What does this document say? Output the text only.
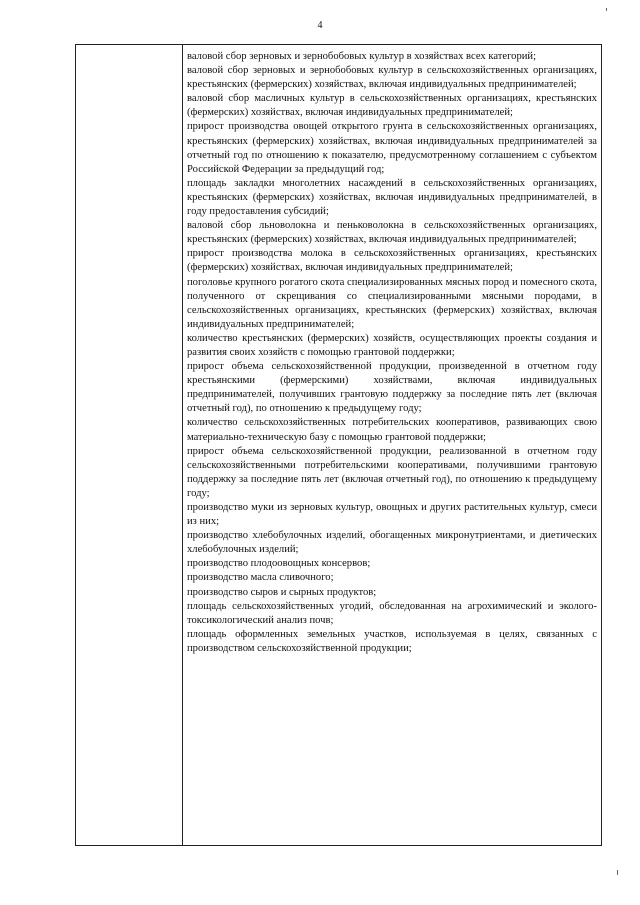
4

валовой сбор зерновых и зернобобовых культур в хозяйствах всех категорий;

валовой сбор зерновых и зернобобовых культур в сельскохозяйственных организациях, крестьянских (фермерских) хозяйствах, включая индивидуальных предпринимателей;

валовой сбор масличных культур в сельскохозяйственных организациях, крестьянских (фермерских) хозяйствах, включая индивидуальных предпринимателей;

прирост производства овощей открытого грунта в сельскохозяйственных организациях, крестьянских (фермерских) хозяйствах, включая индивидуальных предпринимателей за отчетный год по отношению к показателю, предусмотренному соглашением с субъектом Российской Федерации за предыдущий год;

площадь закладки многолетних насаждений в сельскохозяйственных организациях, крестьянских (фермерских) хозяйствах, включая индивидуальных предпринимателей, в году предоставления субсидий;

валовой сбор льноволокна и пеньковолокна в сельскохозяйственных организациях, крестьянских (фермерских) хозяйствах, включая индивидуальных предпринимателей;

прирост производства молока в сельскохозяйственных организациях, крестьянских (фермерских) хозяйствах, включая индивидуальных предпринимателей;

поголовье крупного рогатого скота специализированных мясных пород и помесного скота, полученного от скрещивания со специализированными мясными породами, в сельскохозяйственных организациях, крестьянских (фермерских) хозяйствах, включая индивидуальных предпринимателей;

количество крестьянских (фермерских) хозяйств, осуществляющих проекты создания и развития своих хозяйств с помощью грантовой поддержки;

прирост объема сельскохозяйственной продукции, произведенной в отчетном году крестьянскими (фермерскими) хозяйствами, включая индивидуальных предпринимателей, получивших грантовую поддержку за последние пять лет (включая отчетный год), по отношению к предыдущему году;

количество сельскохозяйственных потребительских кооперативов, развивающих свою материально-техническую базу с помощью грантовой поддержки;

прирост объема сельскохозяйственной продукции, реализованной в отчетном году сельскохозяйственными потребительскими кооперативами, получившими грантовую поддержку за последние пять лет (включая отчетный год), по отношению к предыдущему году;

производство муки из зерновых культур, овощных и других растительных культур, смеси из них;

производство хлебобулочных изделий, обогащенных микронутриентами, и диетических хлебобулочных изделий;

производство плодоовощных консервов;

производство масла сливочного;

производство сыров и сырных продуктов;

площадь сельскохозяйственных угодий, обследованная на агрохимический и эколого-токсикологический анализ почв;

площадь оформленных земельных участков, используемая в целях, связанных с производством сельскохозяйственной продукции;
